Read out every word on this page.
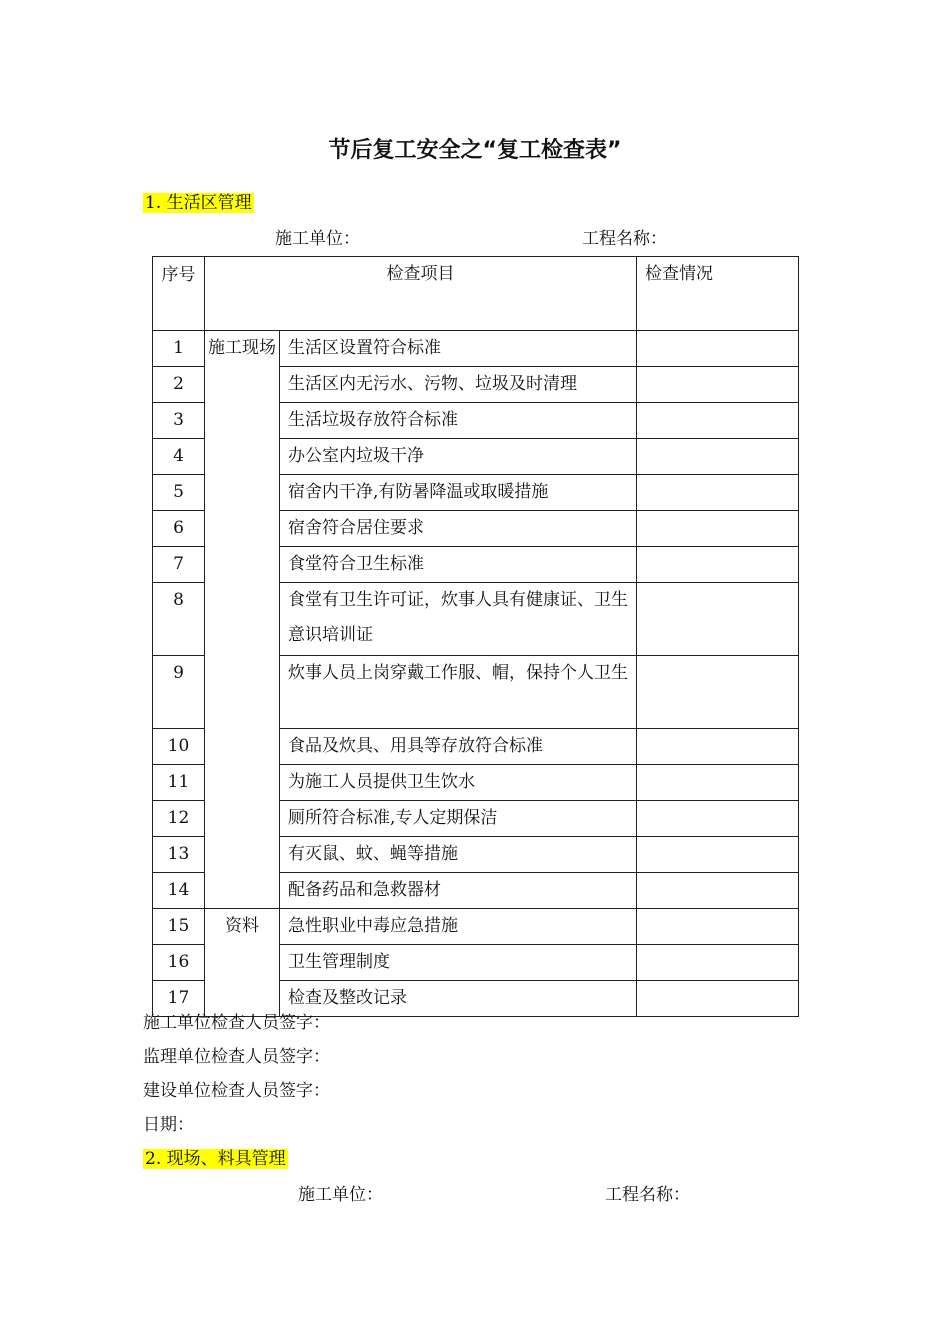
节后复工安全之“复工检查表”
1. 生活区管理
施工单位：	工程名称：
序号	检查项目		检查情况
1	施工现场	生活区设置符合标准	
2		生活区内无污水、污物、垃圾及时清理	
3		生活垃圾存放符合标准	
4		办公室内垃圾干净	
5		宿舍内干净,有防暑降温或取暖措施	
6		宿舍符合居住要求	
7		食堂符合卫生标准	
8		食堂有卫生许可证，炊事人具有健康证、卫生意识培训证	
9		炊事人员上岗穿戴工作服、帽，保持个人卫生	
10		食品及炊具、用具等存放符合标准	
11		为施工人员提供卫生饮水	
12		厕所符合标准,专人定期保洁	
13		有灭鼠、蚊、蝇等措施	
14		配备药品和急救器材	
15	资料	急性职业中毒应急措施	
16		卫生管理制度	
17		检查及整改记录	
施工单位检查人员签字：
监理单位检查人员签字：
建设单位检查人员签字：
日期：
2. 现场、料具管理
施工单位：	工程名称：
